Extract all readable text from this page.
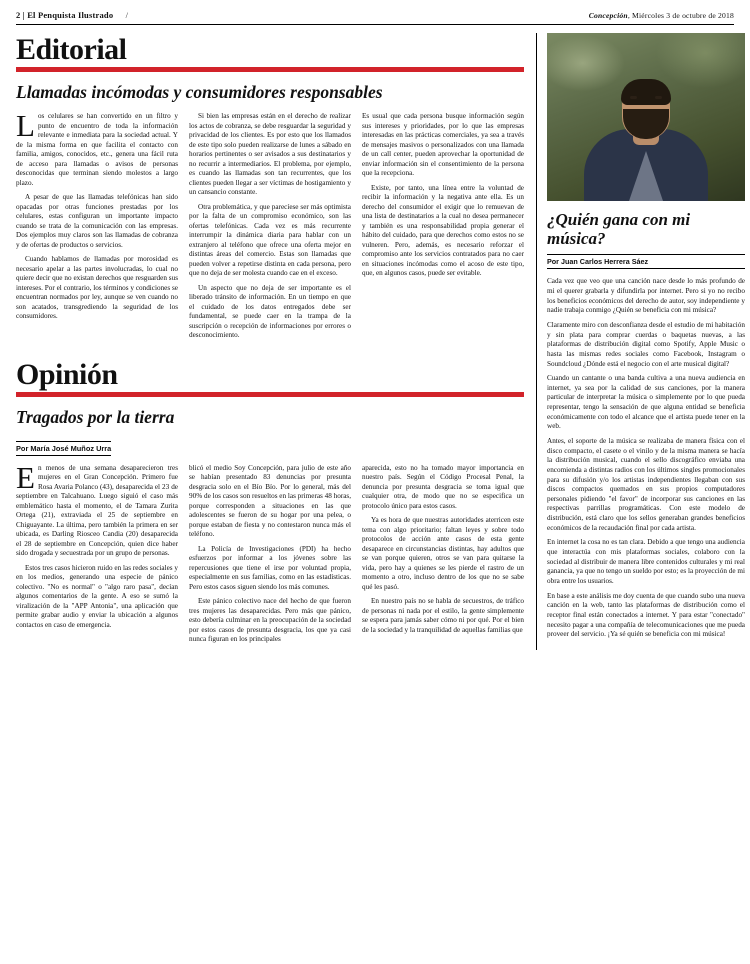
2 | El Penquista Ilustrado /	Concepción, Miércoles 3 de octubre de 2018
Editorial
Llamadas incómodas y consumidores responsables

Los celulares se han convertido en un filtro y punto de encuentro de toda la información relevante e inmediata para la sociedad actual. Y de la misma forma en que facilita el contacto con familia, amigos, conocidos, etc., genera una fácil ruta de acceso para llamadas o avisos de personas desconocidas que terminan siendo molestos a largo plazo.

A pesar de que las llamadas telefónicas han sido opacadas por otras funciones prestadas por los celulares, estas configuran un importante impacto cuando se trata de la comunicación con las empresas. Dos ejemplos muy claros son las llamadas de cobranza y de ofertas de productos o servicios.

Cuando hablamos de llamadas por morosidad es necesario apelar a las partes involucradas, lo cual no quiere decir que no existan derechos que resguarden sus intereses. Por el contrario, los términos y condiciones se encuentran normados por ley, aunque se ven cuando no son acatados, transgrediendo la seguridad de los consumidores.

Si bien las empresas están en el derecho de realizar los actos de cobranza, se debe resguardar la seguridad y privacidad de los clientes. Es por esto que los llamados de este tipo solo pueden realizarse de lunes a sábado en horarios pertinentes o ser avisados a sus destinatarios y no recurrir a intermediarios. El problema, por ejemplo, es cuando las llamadas son tan recurrentes, que los clientes pueden llegar a ser víctimas de hostigamiento y un cansancio constante.

Otra problemática, y que parecíese ser más optimista por la falta de un compromiso económico, son las ofertas telefónicas. Cada vez es más recurrente interrumpir la dinámica diaria para hablar con un extranjero al teléfono que ofrece una oferta mejor en distintas áreas del comercio. Estas son llamadas que pueden volver a repetirse distinta en cada persona, pero que no deja de ser molesta cuando cae en el exceso.

Un aspecto que no deja de ser importante es el liberado tránsito de información. En un tiempo en que el cuidado de los datos entregados debe ser fundamental, se puede caer en la trampa de la suscripción o recepción de informaciones por errores o desconocimiento.

Es usual que cada persona busque información según sus intereses y prioridades, por lo que las empresas interesadas en las prácticas comerciales, ya sea a través de mensajes masivos o personalizados con una llamada de un call center, pueden aprovechar la oportunidad de enviar información sin el consentimiento de la persona que la recepciona.

Existe, por tanto, una línea entre la voluntad de recibir la información y la negativa ante ella. Es un derecho del consumidor el exigir que lo remuevan de una lista de destinatarios a la cual no desea permanecer y también es una responsabilidad propia generar el hábito del cuidado, para que derechos como estos no se vulneren. Pero, además, es necesario reforzar el compromiso ante los servicios contratados para no caer en situaciones incómodas como el acoso de este tipo, que, en algunos casos, puede ser evitable.

Opinión
Tragados por la tierra
Por María José Muñoz Urra

En menos de una semana desaparecieron tres mujeres en el Gran Concepción. Primero fue Rosa Avaria Polanco (43), desaparecida el 23 de septiembre en Talcahuano. Luego siguió el caso más emblemático hasta el momento, el de Tamara Zurita Ortega (21), extraviada el 25 de septiembre en Chiguayante. La última, pero también la primera en ser ubicada, es Darling Riosceo Candia (20) desaparecida el 28 de septiembre en Concepción, quien dice haber sido drogada y secuestrada por un grupo de personas.

Estos tres casos hicieron ruido en las redes sociales y en los medios, generando una especie de pánico colectivo. "No es normal" o "algo raro pasa", decían algunos comentarios de la gente. A eso se sumó la viralización de la "APP Antonia", una aplicación que permite grabar audio y enviar la ubicación a algunos contactos en caso de emergencia.

blicó el medio Soy Concepción, para julio de este año se habían presentado 83 denuncias por presunta desgracia solo en el Bío Bío. Por lo general, más del 90% de los casos son resueltos en las primeras 48 horas, porque corresponden a situaciones en las que adolescentes se fueron de su hogar por una pelea, o porque estaban de fiesta y no contestaron nunca más el teléfono.

La Policía de Investigaciones (PDI) ha hecho esfuerzos por informar a los jóvenes sobre las repercusiones que tiene el irse por voluntad propia, especialmente en sus familias, como en las estadísticas. Pero estos casos siguen siendo los más comunes.

Este pánico colectivo nace del hecho de que fueron tres mujeres las desaparecidas. Pero más que pánico, esto debería culminar en la preocupación de la sociedad por estos casos de presunta desgracia, los que ya casi nunca figuran en los principales

aparecida, esto no ha tomado mayor importancia en nuestro país. Según el Código Procesal Penal, la denuncia por presunta desgracia se toma igual que cualquier otra, de modo que no se especifica un protocolo único para estos casos.

Ya es hora de que nuestras autoridades aterricen este tema con algo prioritario; faltan leyes y sobre todo protocolos de acción ante casos de esta gente desaparece en circunstancias distintas, hay adultos que se van porque quieren, otros se van para quitarse la vida, pero hay a quienes se les pierde el rastro de un momento a otro, incluso dentro de los que no se sabe qué les pasó.

En nuestro país no se habla de secuestros, de tráfico de personas ni nada por el estilo, la gente simplemente se espera para jamás saber cómo ni por qué. Por el bien de la sociedad y la tranquilidad de aquellas familias que

¿Quién gana con mi música?
Por Juan Carlos Herrera Sáez

Cada vez que veo que una canción nace desde lo más profundo de mi el querer grabarla y difundirla por internet. Pero si yo no recibo los beneficios económicos del derecho de autor, soy independiente y nadie trabaja conmigo ¿Quién se beneficia con mi música?

Claramente miro con desconfianza desde el estudio de mi habitación y sin plata para comprar cuerdas o baquetas nuevas, a las plataformas de distribución digital como Spotify, Apple Music o hasta las mismas redes sociales como Facebook, Instagram o Soundcloud ¿Dónde está el negocio con el arte musical digital?

Cuando un cantante o una banda cultiva a una nueva audiencia en internet, ya sea por la calidad de sus canciones, por la manera particular de interpretar la música o simplemente por lo que pueda representar, tengo la sensación de que alguna entidad se beneficia económicamente con todo el alcance que el artista puede tener en la web.

Antes, el soporte de la música se realizaba de manera física con el disco compacto, el casete o el vinilo y de la misma manera se hacía la distribución musical, cuando el sello discográfico enviaba una encomienda a distintas radios con los últimos singles promocionales para su difusión y/o los artistas independientes llegaban con sus discos compactos quemados en sus propios computadores personales pidiendo "el favor" de incorporar sus canciones en las respectivas parrillas programáticas. Con este modelo de distribución, está claro que los sellos generaban grandes beneficios económicos de la recaudación final por cada artista.

En internet la cosa no es tan clara. Debido a que tengo una audiencia que interactúa con mis plataformas sociales, colaboro con la sociedad al distribuir de manera libre contenidos culturales y mi real ganancia, ya que no tengo un sueldo por esto; es la proyección de mi obra entre los usuarios.

En base a este análisis me doy cuenta de que cuando subo una nueva canción en la web, tanto las plataformas de distribución como el receptor final están conectados a internet. Y para estar "conectado" necesito pagar a una compañía de telecomunicaciones que me pueda proveer del servicio. ¡Ya sé quién se beneficia con mi música!
